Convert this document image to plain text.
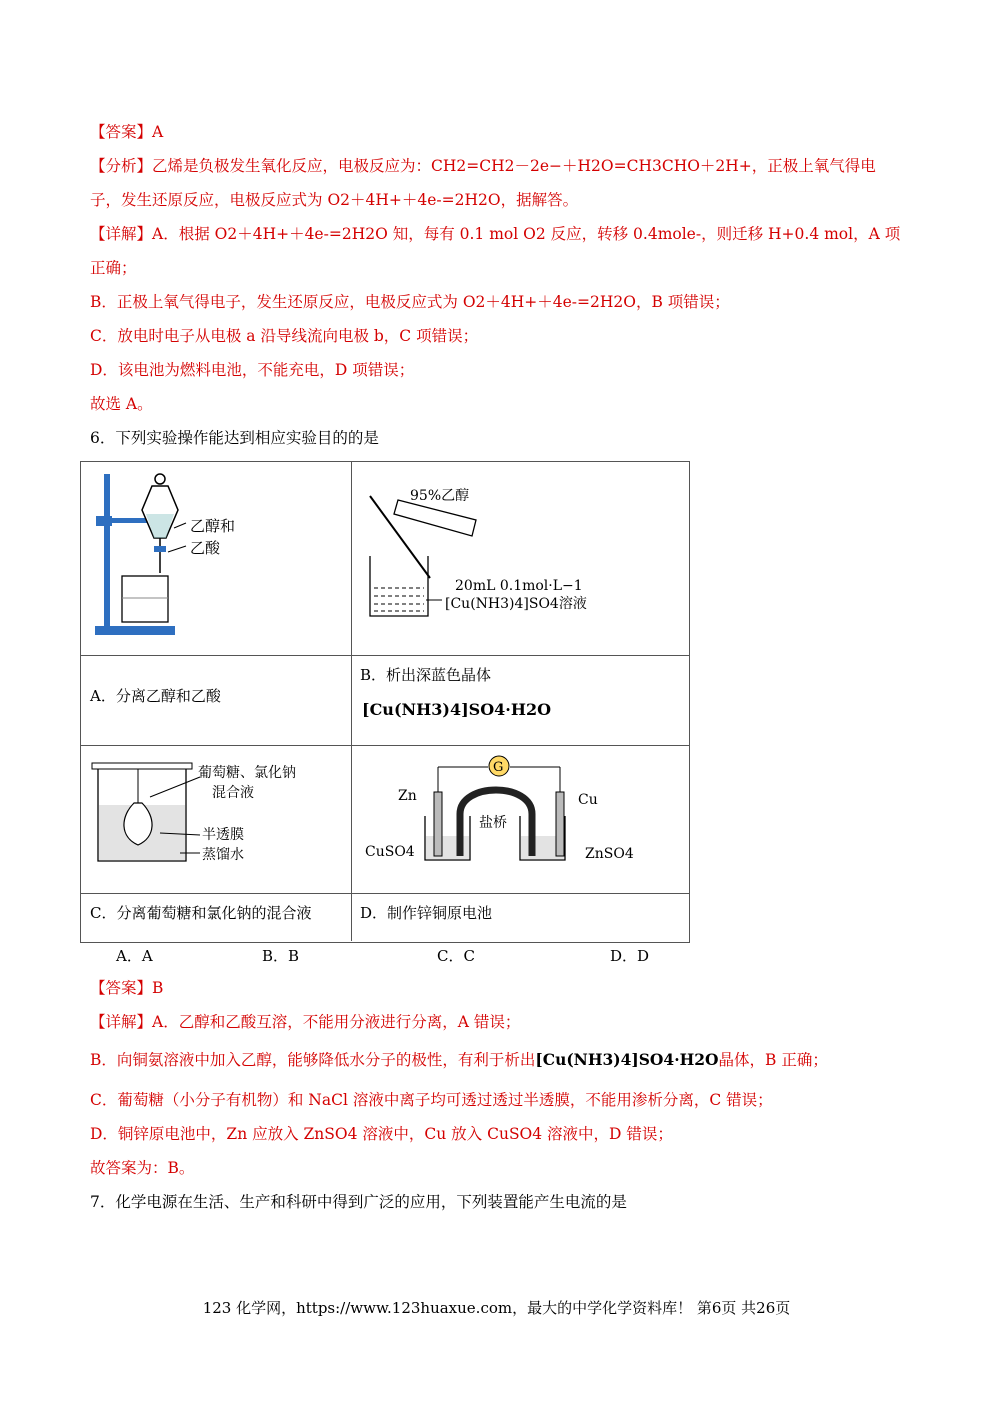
【答案】A
【分析】乙烯是负极发生氧化反应，电极反应为：CH2=CH2－2e−＋H2O=CH3CHO＋2H+，正极上氧气得电
子，发生还原反应，电极反应式为 O2＋4H+＋4e-=2H2O，据解答。
【详解】A．根据 O2＋4H+＋4e-=2H2O 知，每有 0.1 mol O2 反应，转移 0.4mole-，则迁移 H+0.4 mol，A 项
正确；
B．正极上氧气得电子，发生还原反应，电极反应式为 O2＋4H+＋4e-=2H2O，B 项错误；
C．放电时电子从电极 a 沿导线流向电极 b，C 项错误；
D．该电池为燃料电池，不能充电，D 项错误；
故选 A。
6．下列实验操作能达到相应实验目的的是
乙醇和
乙酸
95%乙醇
20mL 0.1mol·L−1
[Cu(NH3)4]SO4溶液
A．分离乙醇和乙酸
B．析出深蓝色晶体
[Cu(NH3)4]SO4·H2O
葡萄糖、氯化钠
混合液
半透膜
蒸馏水
G
Zn	Cu
盐桥
CuSO4	ZnSO4
C．分离葡萄糖和氯化钠的混合液	D．制作锌铜原电池
A．A	B．B	C．C	D．D
【答案】B
【详解】A．乙醇和乙酸互溶，不能用分液进行分离，A 错误；
B．向铜氨溶液中加入乙醇，能够降低水分子的极性，有利于析出[Cu(NH3)4]SO4·H2O晶体，B 正确；
C．葡萄糖（小分子有机物）和 NaCl 溶液中离子均可透过透过半透膜，不能用渗析分离，C 错误；
D．铜锌原电池中，Zn 应放入 ZnSO4 溶液中，Cu 放入 CuSO4 溶液中，D 错误；
故答案为：B。
7．化学电源在生活、生产和科研中得到广泛的应用，下列装置能产生电流的是
123 化学网，https://www.123huaxue.com，最大的中学化学资料库！ 第6页 共26页
